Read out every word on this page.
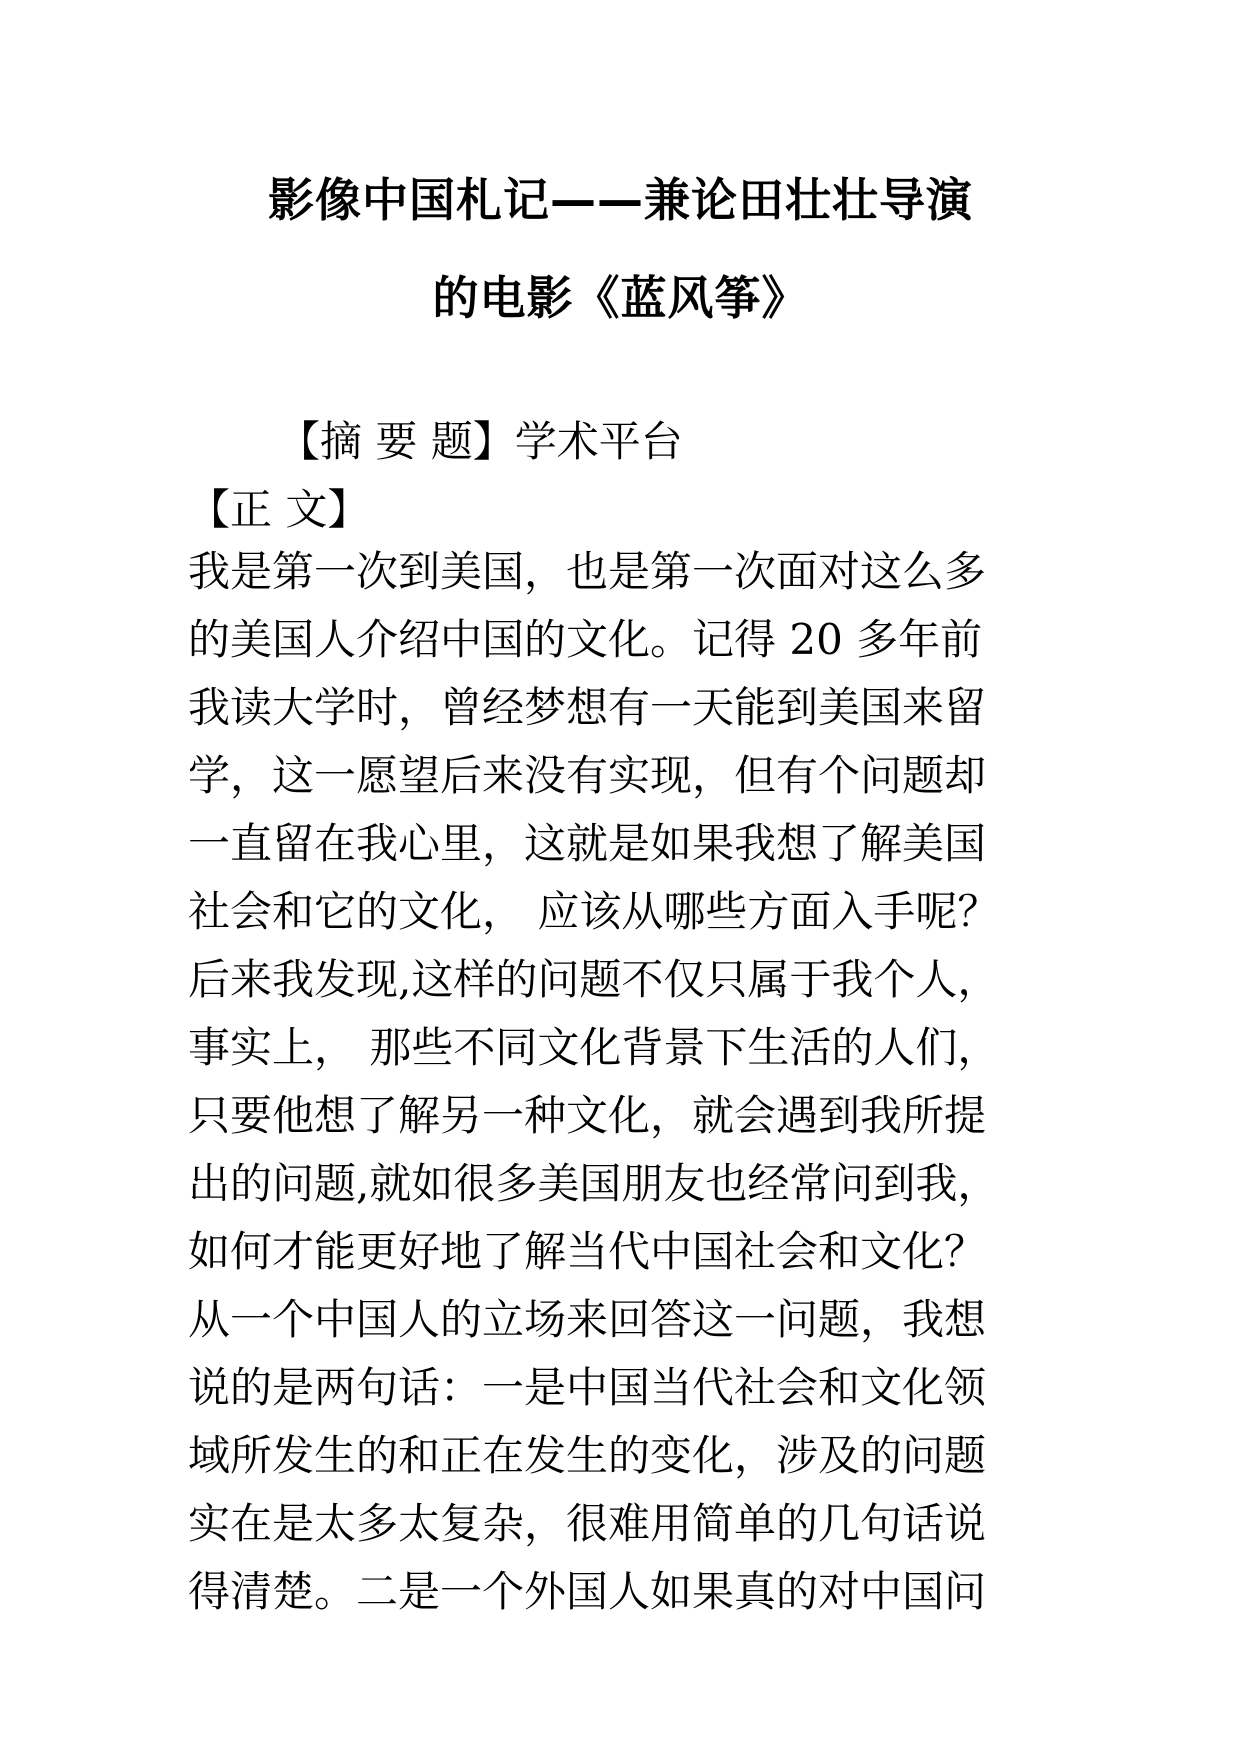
影像中国札记——兼论田壮壮导演
的电影《蓝风筝》
【摘 要 题】学术平台
【正 文】
我是第一次到美国，也是第一次面对这么多
的美国人介绍中国的文化。记得 20 多年前
我读大学时，曾经梦想有一天能到美国来留
学，这一愿望后来没有实现，但有个问题却
一直留在我心里，这就是如果我想了解美国
社会和它的文化， 应该从哪些方面入手呢？
后来我发现,这样的问题不仅只属于我个人，
事实上， 那些不同文化背景下生活的人们，
只要他想了解另一种文化，就会遇到我所提
出的问题,就如很多美国朋友也经常问到我，
如何才能更好地了解当代中国社会和文化？
从一个中国人的立场来回答这一问题，我想
说的是两句话：一是中国当代社会和文化领
域所发生的和正在发生的变化，涉及的问题
实在是太多太复杂，很难用简单的几句话说
得清楚。二是一个外国人如果真的对中国问
